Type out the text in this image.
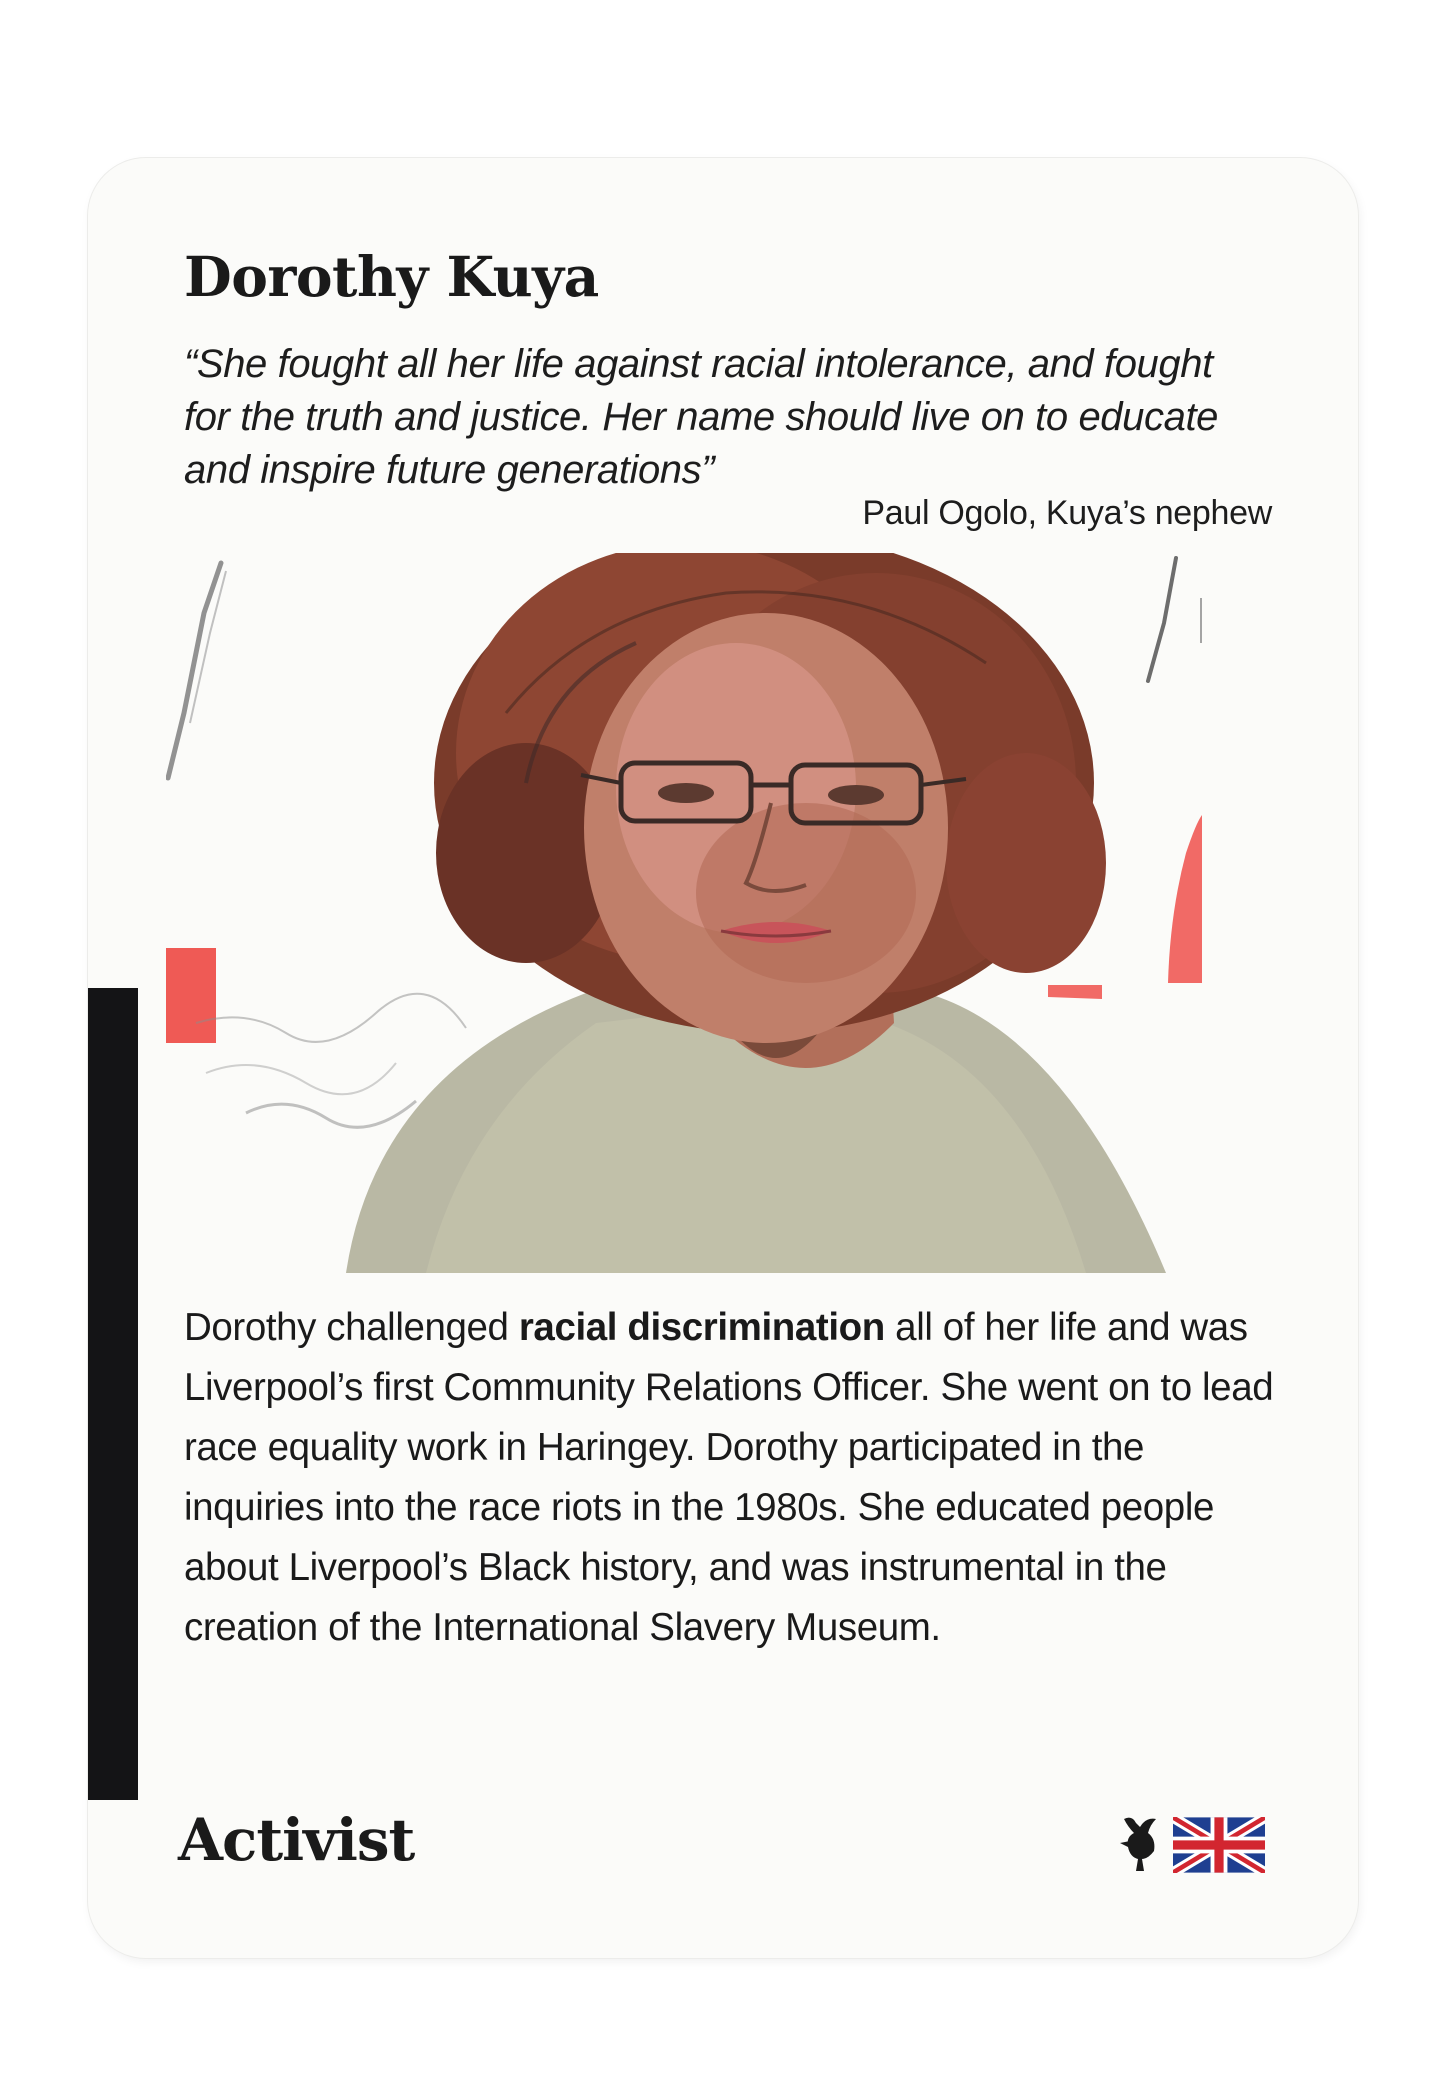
Dorothy Kuya

“She fought all her life against racial intolerance, and fought for the truth and justice. Her name should live on to educate and inspire future generations”

Paul Ogolo, Kuya’s nephew

Dorothy challenged racial discrimination all of her life and was Liverpool’s first Community Relations Officer. She went on to lead race equality work in Haringey. Dorothy participated in the inquiries into the race riots in the 1980s. She educated people about Liverpool’s Black history, and was instrumental in the creation of the International Slavery Museum.

Activist
